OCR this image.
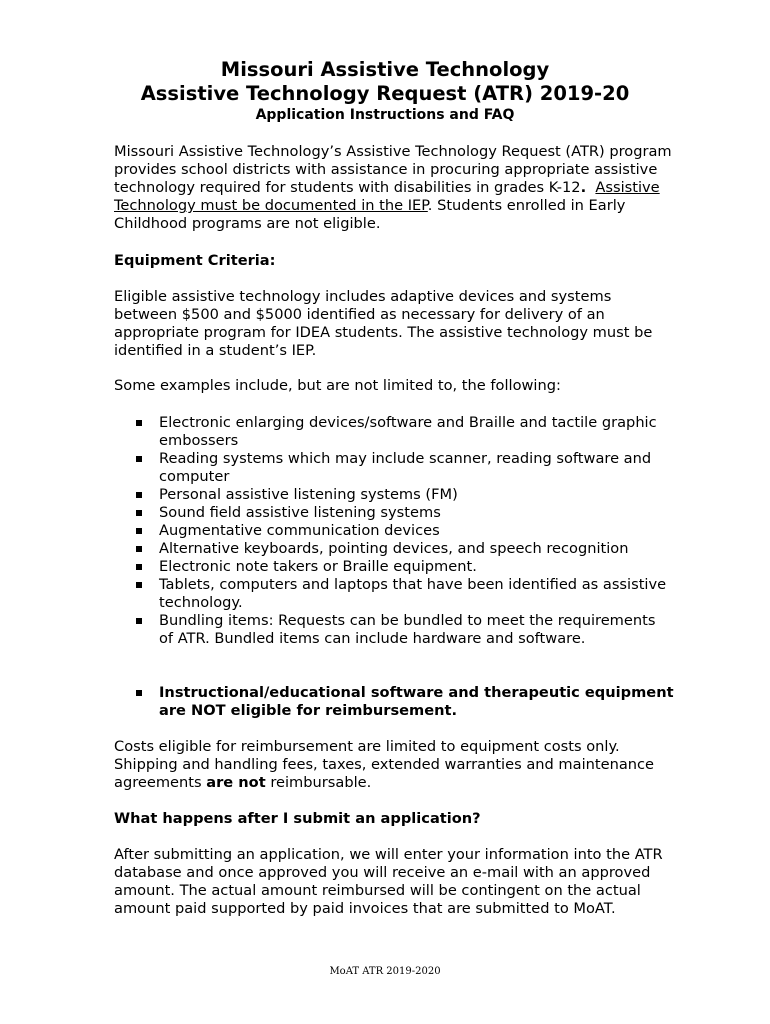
Missouri Assistive Technology

Assistive Technology Request (ATR) 2019-20

Application Instructions and FAQ

Missouri Assistive Technology’s Assistive Technology Request (ATR) program provides school districts with assistance in procuring appropriate assistive technology required for students with disabilities in grades K-12. Assistive Technology must be documented in the IEP. Students enrolled in Early Childhood programs are not eligible.
Equipment Criteria:
Eligible assistive technology includes adaptive devices and systems between $500 and $5000 identified as necessary for delivery of an appropriate program for IDEA students. The assistive technology must be identified in a student’s IEP.
Some examples include, but are not limited to, the following:
Electronic enlarging devices/software and Braille and tactile graphic embossers
Reading systems which may include scanner, reading software and computer
Personal assistive listening systems (FM)
Sound field assistive listening systems
Augmentative communication devices
Alternative keyboards, pointing devices, and speech recognition
Electronic note takers or Braille equipment.
Tablets, computers and laptops that have been identified as assistive technology.
Bundling items: Requests can be bundled to meet the requirements of ATR. Bundled items can include hardware and software.
Instructional/educational software and therapeutic equipment are NOT eligible for reimbursement.
Costs eligible for reimbursement are limited to equipment costs only. Shipping and handling fees, taxes, extended warranties and maintenance agreements are not reimbursable.
What happens after I submit an application?
After submitting an application, we will enter your information into the ATR database and once approved you will receive an e-mail with an approved amount. The actual amount reimbursed will be contingent on the actual amount paid supported by paid invoices that are submitted to MoAT.
MoAT ATR 2019-2020
